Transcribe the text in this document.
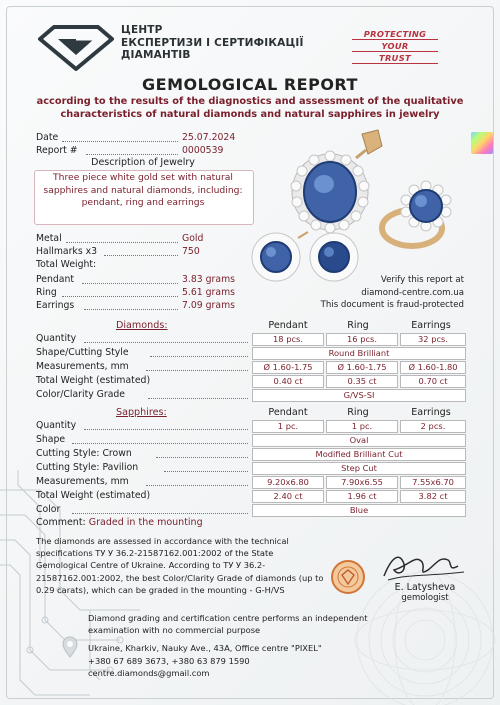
ЦЕНТР
ЕКСПЕРТИЗИ І СЕРТИФІКАЦІЇ
ДІАМАНТІВ
PROTECTING
YOUR
TRUST
GEMOLOGICAL REPORT
according to the results of the diagnostics and assessment of the qualitative characteristics of natural diamonds and natural sapphires in jewelry
Date	25.07.2024
Report #	0000539
Description of Jewelry
Three piece white gold set with natural sapphires and natural diamonds, including: pendant, ring and earrings
Metal	Gold
Hallmarks x3	750
Total Weight:
Pendant	3.83 grams
Ring	5.61 grams
Earrings	7.09 grams
Verify this report at
diamond-centre.com.ua
This document is fraud-protected
Diamonds:	Pendant	Ring	Earrings
Quantity	18 pcs.	16 pcs.	32 pcs.
Shape/Cutting Style	Round Brilliant
Measurements, mm	Ø 1.60-1.75	Ø 1.60-1.75	Ø 1.60-1.80
Total Weight (estimated)	0.40 ct	0.35 ct	0.70 ct
Color/Clarity Grade	G/VS-SI
Sapphires:	Pendant	Ring	Earrings
Quantity	1 pc.	1 pc.	2 pcs.
Shape	Oval
Cutting Style: Crown	Modified Brilliant Cut
Cutting Style: Pavilion	Step Cut
Measurements, mm	9.20x6.80	7.90x6.55	7.55x6.70
Total Weight (estimated)	2.40 ct	1.96 ct	3.82 ct
Color	Blue
Comment: Graded in the mounting

The diamonds are assessed in accordance with the technical specifications ТУ У 36.2-21587162.001:2002 of the State Gemological Centre of Ukraine. According to ТУ У 36.2-21587162.001:2002, the best Color/Clarity Grade of diamonds (up to 0.29 carats), which can be graded in the mounting - G-H/VS	E. Latysheva
gemologist

Diamond grading and certification centre performs an independent examination with no commercial purpose

Ukraine, Kharkiv, Nauky Ave., 43A, Office centre "PIXEL"

+380 67 689 3673, +380 63 879 1590

centre.diamonds@gmail.com
